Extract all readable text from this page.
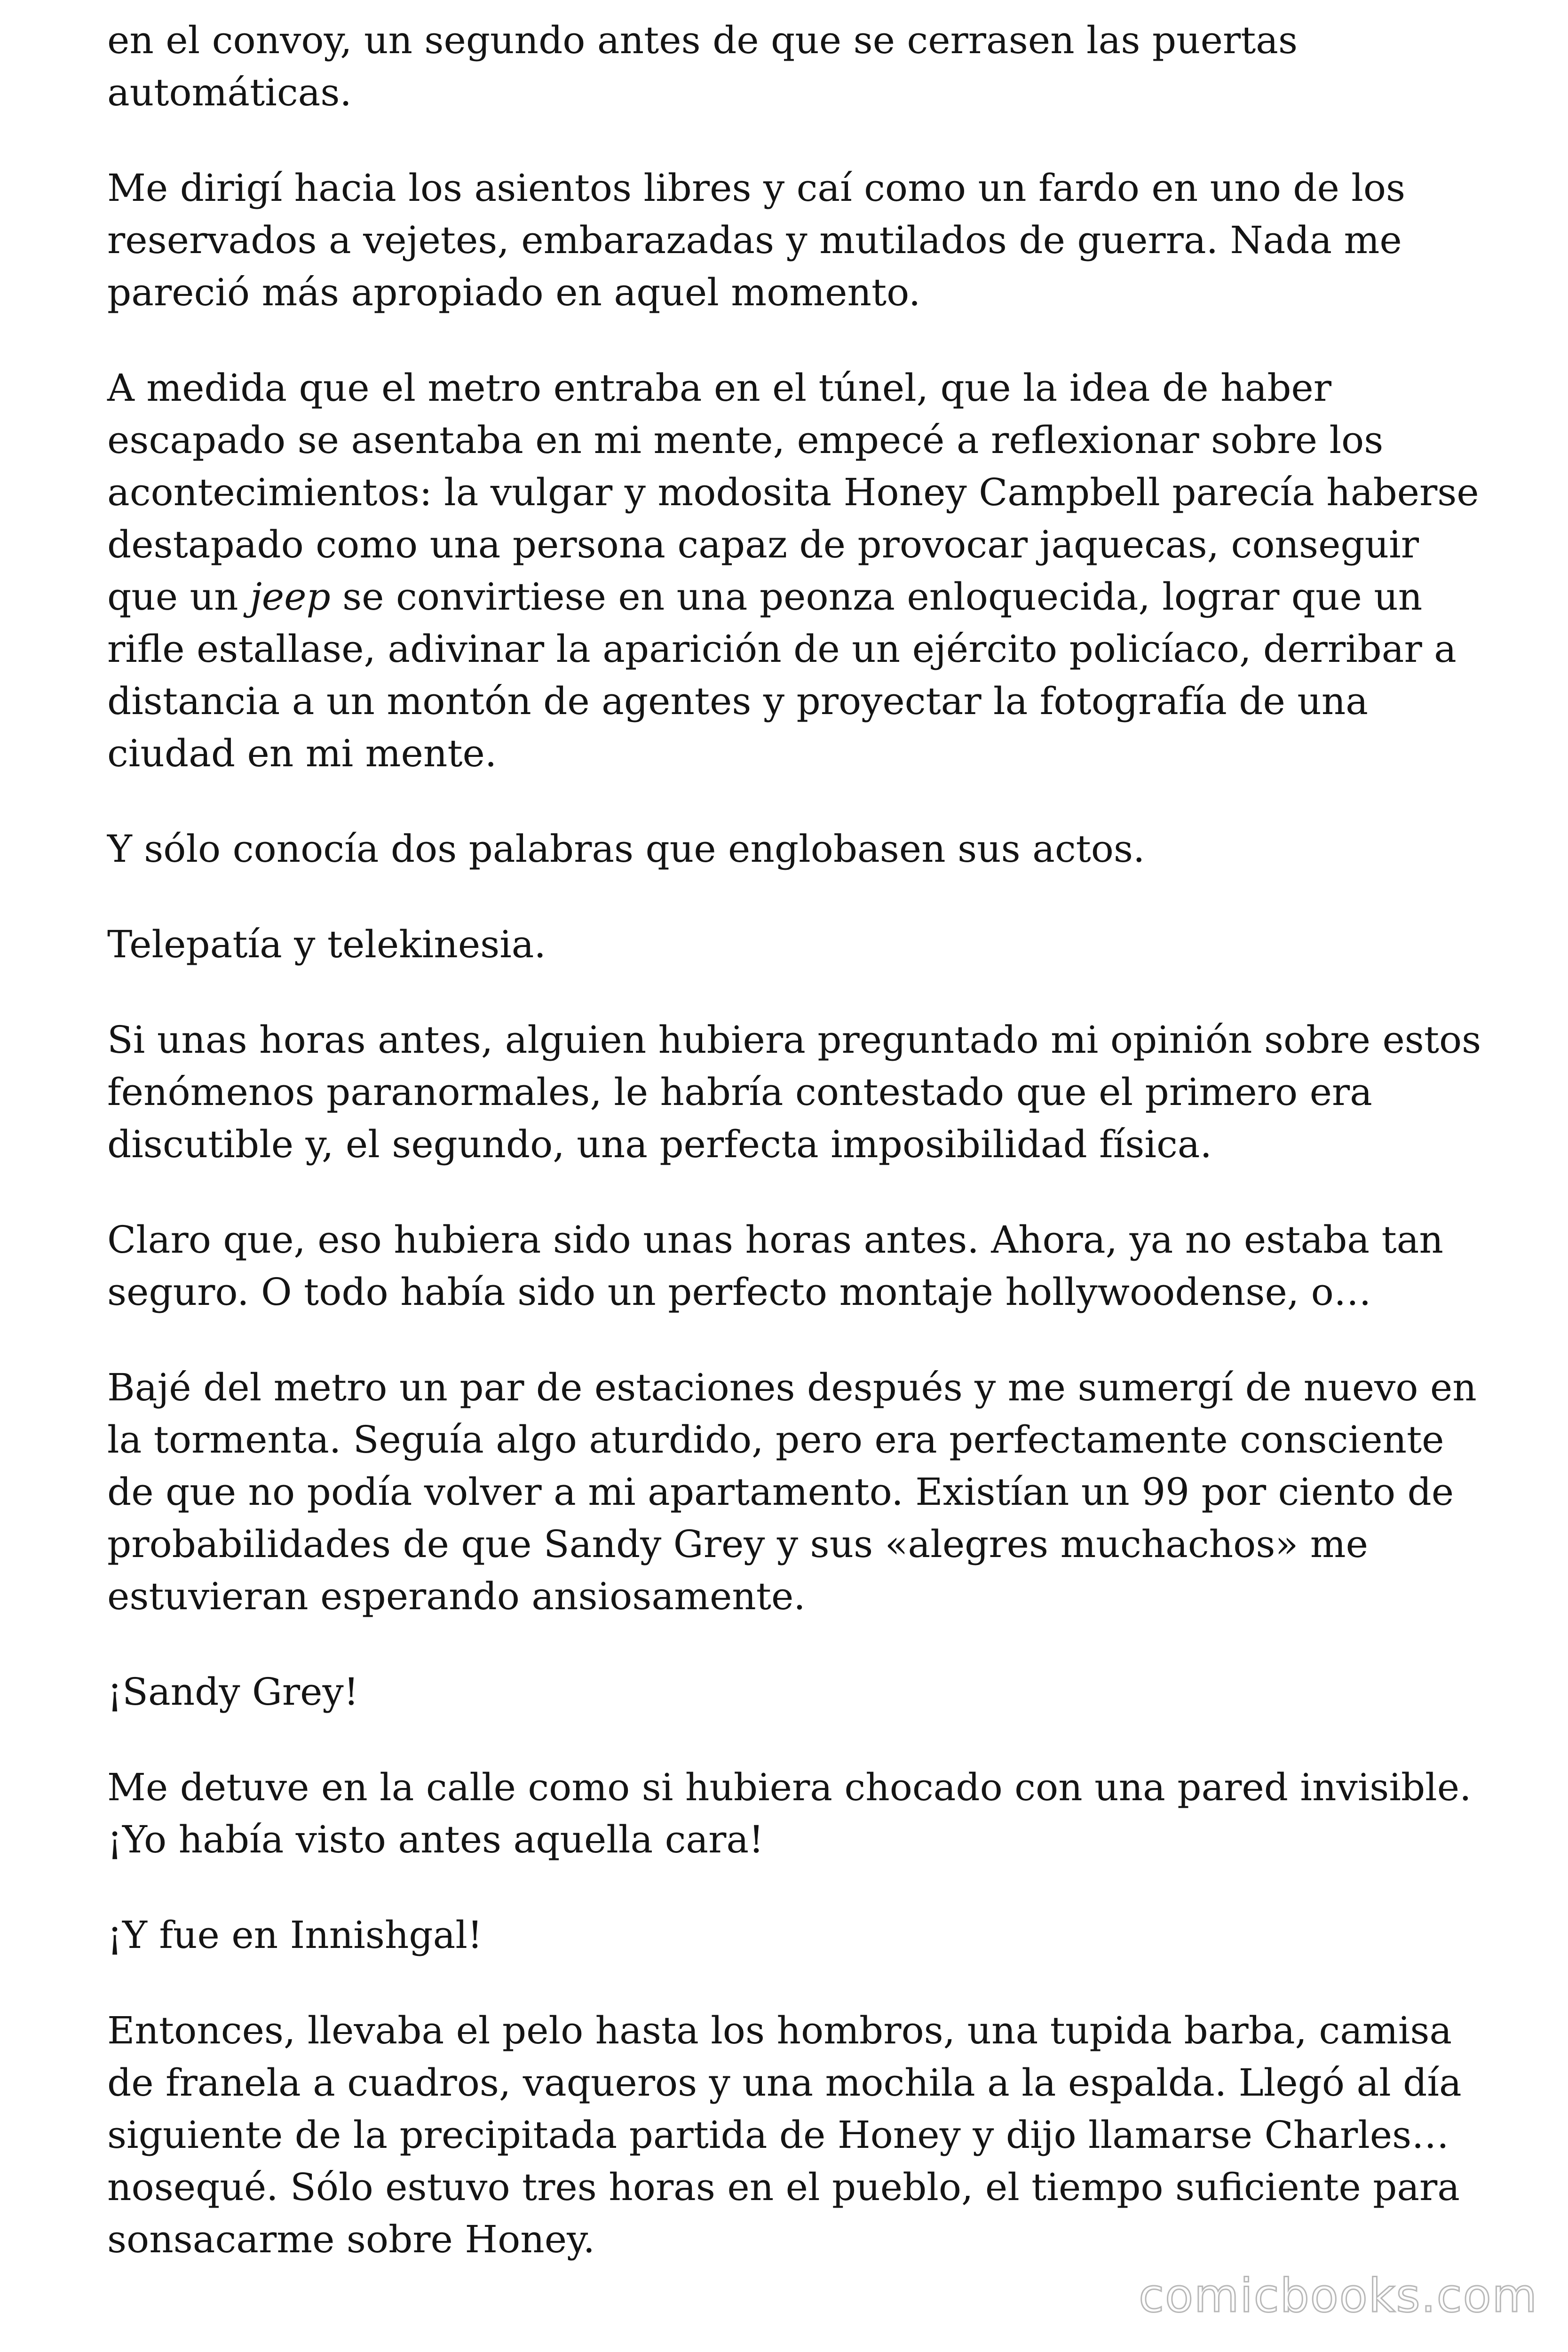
en el convoy, un segundo antes de que se cerrasen las puertas automáticas.

Me dirigí hacia los asientos libres y caí como un fardo en uno de los reservados a vejetes, embarazadas y mutilados de guerra. Nada me pareció más apropiado en aquel momento.

A medida que el metro entraba en el túnel, que la idea de haber escapado se asentaba en mi mente, empecé a reflexionar sobre los acontecimientos: la vulgar y modosita Honey Campbell parecía haberse destapado como una persona capaz de provocar jaquecas, conseguir que un jeep se convirtiese en una peonza enloquecida, lograr que un rifle estallase, adivinar la aparición de un ejército policíaco, derribar a distancia a un montón de agentes y proyectar la fotografía de una ciudad en mi mente.

Y sólo conocía dos palabras que englobasen sus actos.

Telepatía y telekinesia.

Si unas horas antes, alguien hubiera preguntado mi opinión sobre estos fenómenos paranormales, le habría contestado que el primero era discutible y, el segundo, una perfecta imposibilidad física.

Claro que, eso hubiera sido unas horas antes. Ahora, ya no estaba tan seguro. O todo había sido un perfecto montaje hollywoodense, o…

Bajé del metro un par de estaciones después y me sumergí de nuevo en la tormenta. Seguía algo aturdido, pero era perfectamente consciente de que no podía volver a mi apartamento. Existían un 99 por ciento de probabilidades de que Sandy Grey y sus «alegres muchachos» me estuvieran esperando ansiosamente.

¡Sandy Grey!

Me detuve en la calle como si hubiera chocado con una pared invisible. ¡Yo había visto antes aquella cara!

¡Y fue en Innishgal!

Entonces, llevaba el pelo hasta los hombros, una tupida barba, camisa de franela a cuadros, vaqueros y una mochila a la espalda. Llegó al día siguiente de la precipitada partida de Honey y dijo llamarse Charles… nosequé. Sólo estuvo tres horas en el pueblo, el tiempo suficiente para sonsacarme sobre Honey.

comicbooks.com
